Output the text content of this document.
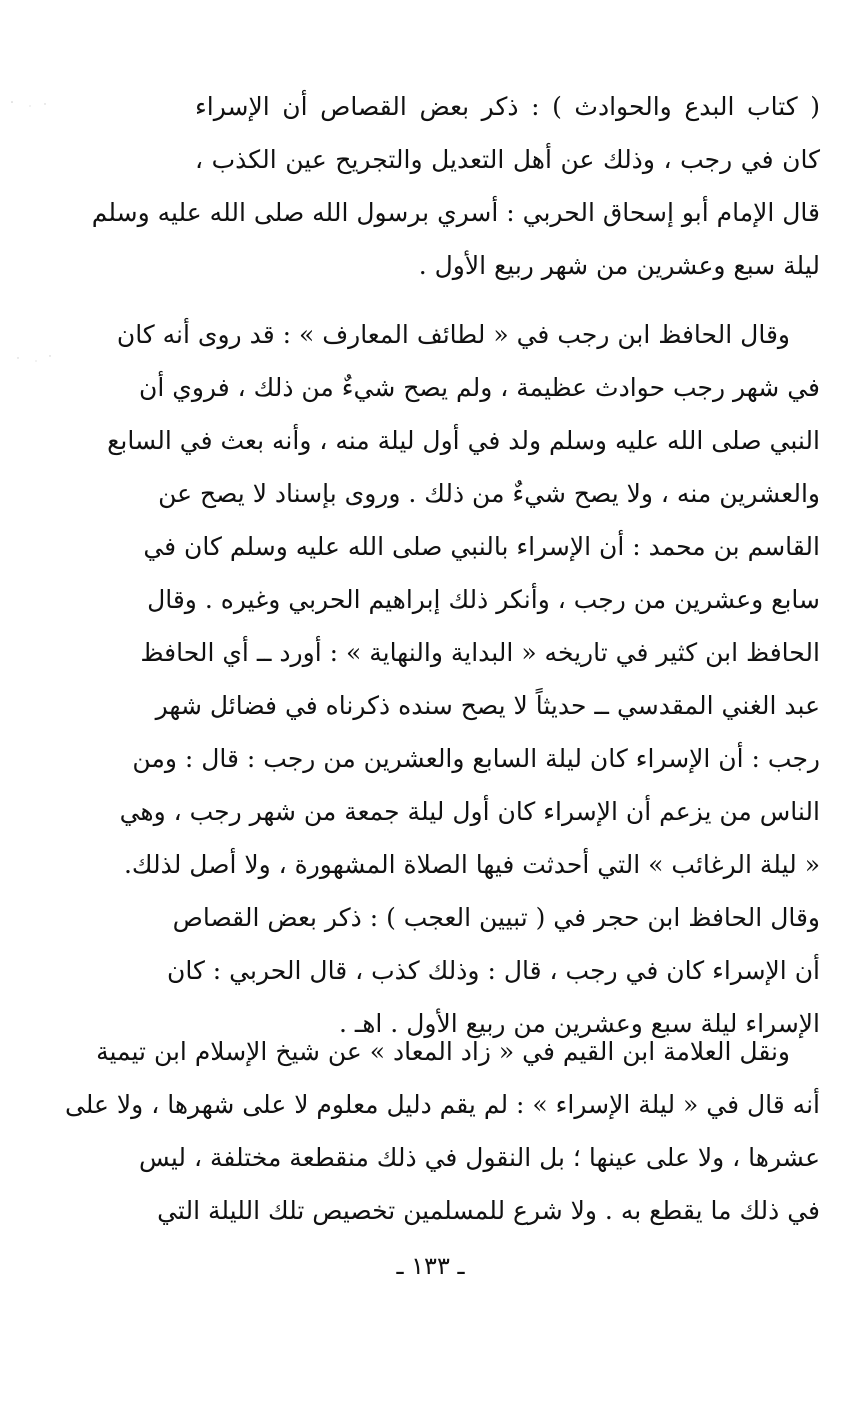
( كتاب البدع والحوادث ) : ذكر بعض القصاص أن الإسراء
كان في رجب ، وذلك عن أهل التعديل والتجريح عين الكذب ،
قال الإمام أبو إسحاق الحربي : أسري برسول الله صلى الله عليه وسلم
ليلة سبع وعشرين من شهر ربيع الأول .
وقال الحافظ ابن رجب في « لطائف المعارف » : قد روى أنه كان
في شهر رجب حوادث عظيمة ، ولم يصح شيءٌ من ذلك ، فروي أن
النبي صلى الله عليه وسلم ولد في أول ليلة منه ، وأنه بعث في السابع
والعشرين منه ، ولا يصح شيءٌ من ذلك . وروى بإسناد لا يصح عن
القاسم بن محمد : أن الإسراء بالنبي صلى الله عليه وسلم كان في
سابع وعشرين من رجب ، وأنكر ذلك إبراهيم الحربي وغيره . وقال
الحافظ ابن كثير في تاريخه « البداية والنهاية » : أورد ــ أي الحافظ
عبد الغني المقدسي ــ حديثاً لا يصح سنده ذكرناه في فضائل شهر
رجب : أن الإسراء كان ليلة السابع والعشرين من رجب : قال : ومن
الناس من يزعم أن الإسراء كان أول ليلة جمعة من شهر رجب ، وهي
« ليلة الرغائب » التي أحدثت فيها الصلاة المشهورة ، ولا أصل لذلك.
وقال الحافظ ابن حجر في ( تبيين العجب ) : ذكر بعض القصاص
أن الإسراء كان في رجب ، قال : وذلك كذب ، قال الحربي : كان
الإسراء ليلة سبع وعشرين من ربيع الأول . اهـ .
ونقل العلامة ابن القيم في « زاد المعاد » عن شيخ الإسلام ابن تيمية
أنه قال في « ليلة الإسراء » : لم يقم دليل معلوم لا على شهرها ، ولا على
عشرها ، ولا على عينها ؛ بل النقول في ذلك منقطعة مختلفة ، ليس
في ذلك ما يقطع به . ولا شرع للمسلمين تخصيص تلك الليلة التي
ـ ١٣٣ ـ
